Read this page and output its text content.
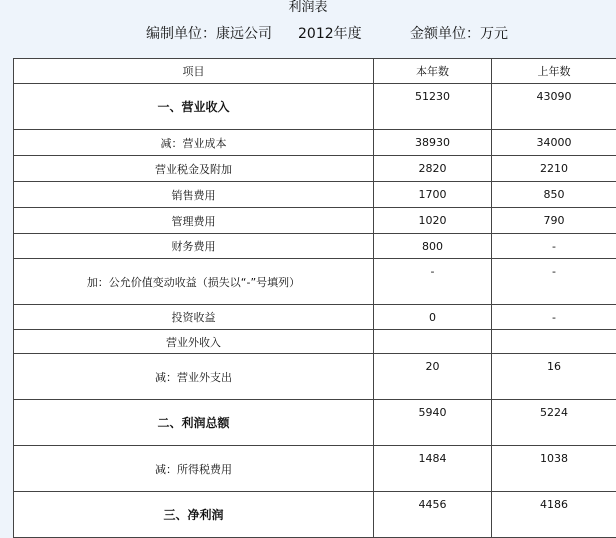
利润表
编制单位：康远公司 2012年度	金额单位：万元
项目	本年数	上年数
一、营业收入	51230	43090
减：营业成本	38930	34000
营业税金及附加	2820	2210
销售费用	1700	850
管理费用	1020	790
财务费用	800	-
加：公允价值变动收益（损失以“-”号填列）	-	-
投资收益	0	-
营业外收入		
减：营业外支出	20	16
二、利润总额	5940	5224
减：所得税费用	1484	1038
三、净利润	4456	4186
